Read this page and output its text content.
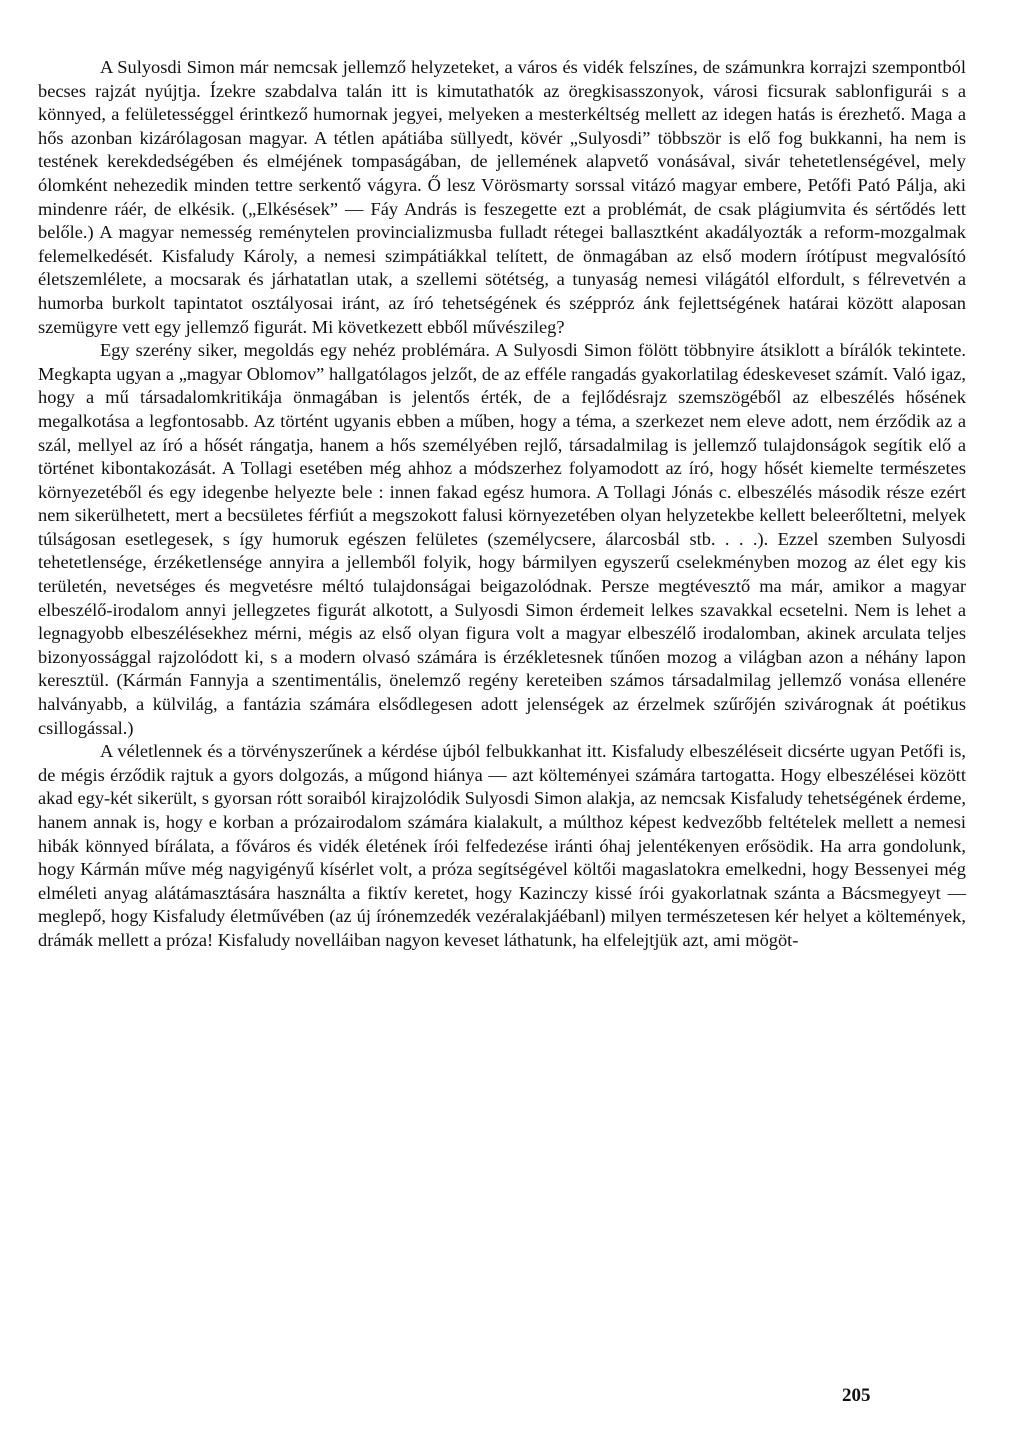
A Sulyosdi Simon már nemcsak jellemző helyzeteket, a város és vidék felszínes, de számunkra korrajzi szempontból becses rajzát nyújtja. Ízekre szabdalva talán itt is kimutathatók az öregkisasszonyok, városi ficsurak sablonfigurái s a könnyed, a felületességgel érintkező humornak jegyei, melyeken a mesterkéltség mellett az idegen hatás is érezhető. Maga a hős azonban kizárólagosan magyar. A tétlen apátiába süllyedt, kövér „Sulyosdi” többször is elő fog bukkanni, ha nem is testének kerekdedségében és elméjének tompaságában, de jellemének alapvető vonásával, sivár tehetetlenségével, mely ólomként nehezedik minden tettre serkentő vágyra. Ő lesz Vörösmarty sorssal vitázó magyar embere, Petőfi Pató Pálja, aki mindenre ráér, de elkésik. („Elkésések” — Fáy András is feszegette ezt a problémát, de csak plágiumvita és sértődés lett belőle.) A magyar nemesség reménytelen provincializmusba fulladt rétegei ballasztként akadályozták a reform-mozgalmak felemelkedését. Kisfaludy Károly, a nemesi szimpátiákkal telített, de önmagában az első modern írótípust megvalósító életszemlélete, a mocsarak és járhatatlan utak, a szellemi sötétség, a tunyaság nemesi világától elfordult, s félrevetvén a humorba burkolt tapintatot osztályosai iránt, az író tehetségének és széppróz ánk fejlettségének határai között alaposan szemügyre vett egy jellemző figurát. Mi következett ebből művészileg?

Egy szerény siker, megoldás egy nehéz problémára. A Sulyosdi Simon fölött többnyire átsiklott a bírálók tekintete. Megkapta ugyan a „magyar Oblomov” hallgatólagos jelzőt, de az efféle rangadás gyakorlatilag édeskeveset számít. Való igaz, hogy a mű társadalomkritikája önmagában is jelentős érték, de a fejlődésrajz szemszögéből az elbeszélés hősének megalkotása a legfontosabb. Az történt ugyanis ebben a műben, hogy a téma, a szerkezet nem eleve adott, nem érződik az a szál, mellyel az író a hősét rángatja, hanem a hős személyében rejlő, társadalmilag is jellemző tulajdonságok segítik elő a történet kibontakozását. A Tollagi esetében még ahhoz a módszerhez folyamodott az író, hogy hősét kiemelte természetes környezetéből és egy idegenbe helyezte bele : innen fakad egész humora. A Tollagi Jónás c. elbeszélés második része ezért nem sikerülhetett, mert a becsületes férfiút a megszokott falusi környezetében olyan helyzetekbe kellett beleerőltetni, melyek túlságosan esetlegesek, s így humoruk egészen felületes (személycsere, álarcosbál stb. . . .). Ezzel szemben Sulyosdi tehetetlensége, érzéketlensége annyira a jellemből folyik, hogy bármilyen egyszerű cselekményben mozog az élet egy kis területén, nevetséges és megvetésre méltó tulajdonságai beigazolódnak. Persze megtévesztő ma már, amikor a magyar elbeszélő-irodalom annyi jellegzetes figurát alkotott, a Sulyosdi Simon érdemeit lelkes szavakkal ecsetelni. Nem is lehet a legnagyobb elbeszélésekhez mérni, mégis az első olyan figura volt a magyar elbeszélő irodalomban, akinek arculata teljes bizonyossággal rajzolódott ki, s a modern olvasó számára is érzékletesnek tűnően mozog a világban azon a néhány lapon keresztül. (Kármán Fannyja a szentimentális, önelemző regény kereteiben számos társadalmilag jellemző vonása ellenére halványabb, a külvilág, a fantázia számára elsődlegesen adott jelenségek az érzelmek szűrőjén szivárognak át poétikus csillogással.)

A véletlennek és a törvényszerűnek a kérdése újból felbukkanhat itt. Kisfaludy elbeszéléseit dicsérte ugyan Petőfi is, de mégis érződik rajtuk a gyors dolgozás, a műgond hiánya — azt költeményei számára tartogatta. Hogy elbeszélései között akad egy-két sikerült, s gyorsan rótt soraiból kirajzolódik Sulyosdi Simon alakja, az nemcsak Kisfaludy tehetségének érdeme, hanem annak is, hogy e korban a prózairodalom számára kialakult, a múlthoz képest kedvezőbb feltételek mellett a nemesi hibák könnyed bírálata, a főváros és vidék életének írói felfedezése iránti óhaj jelentékenyen erősödik. Ha arra gondolunk, hogy Kármán műve még nagyigényű kísérlet volt, a próza segítségével költői magaslatokra emelkedni, hogy Bessenyei még elméleti anyag alátámasztására használta a fiktív keretet, hogy Kazinczy kissé írói gyakorlatnak szánta a Bácsmegyeyt — meglepő, hogy Kisfaludy életművében (az új írónemzedék vezéralakjáébanl) milyen természetesen kér helyet a költemények, drámák mellett a próza! Kisfaludy novelláiban nagyon keveset láthatunk, ha elfelejtjük azt, ami mögöt-

205
